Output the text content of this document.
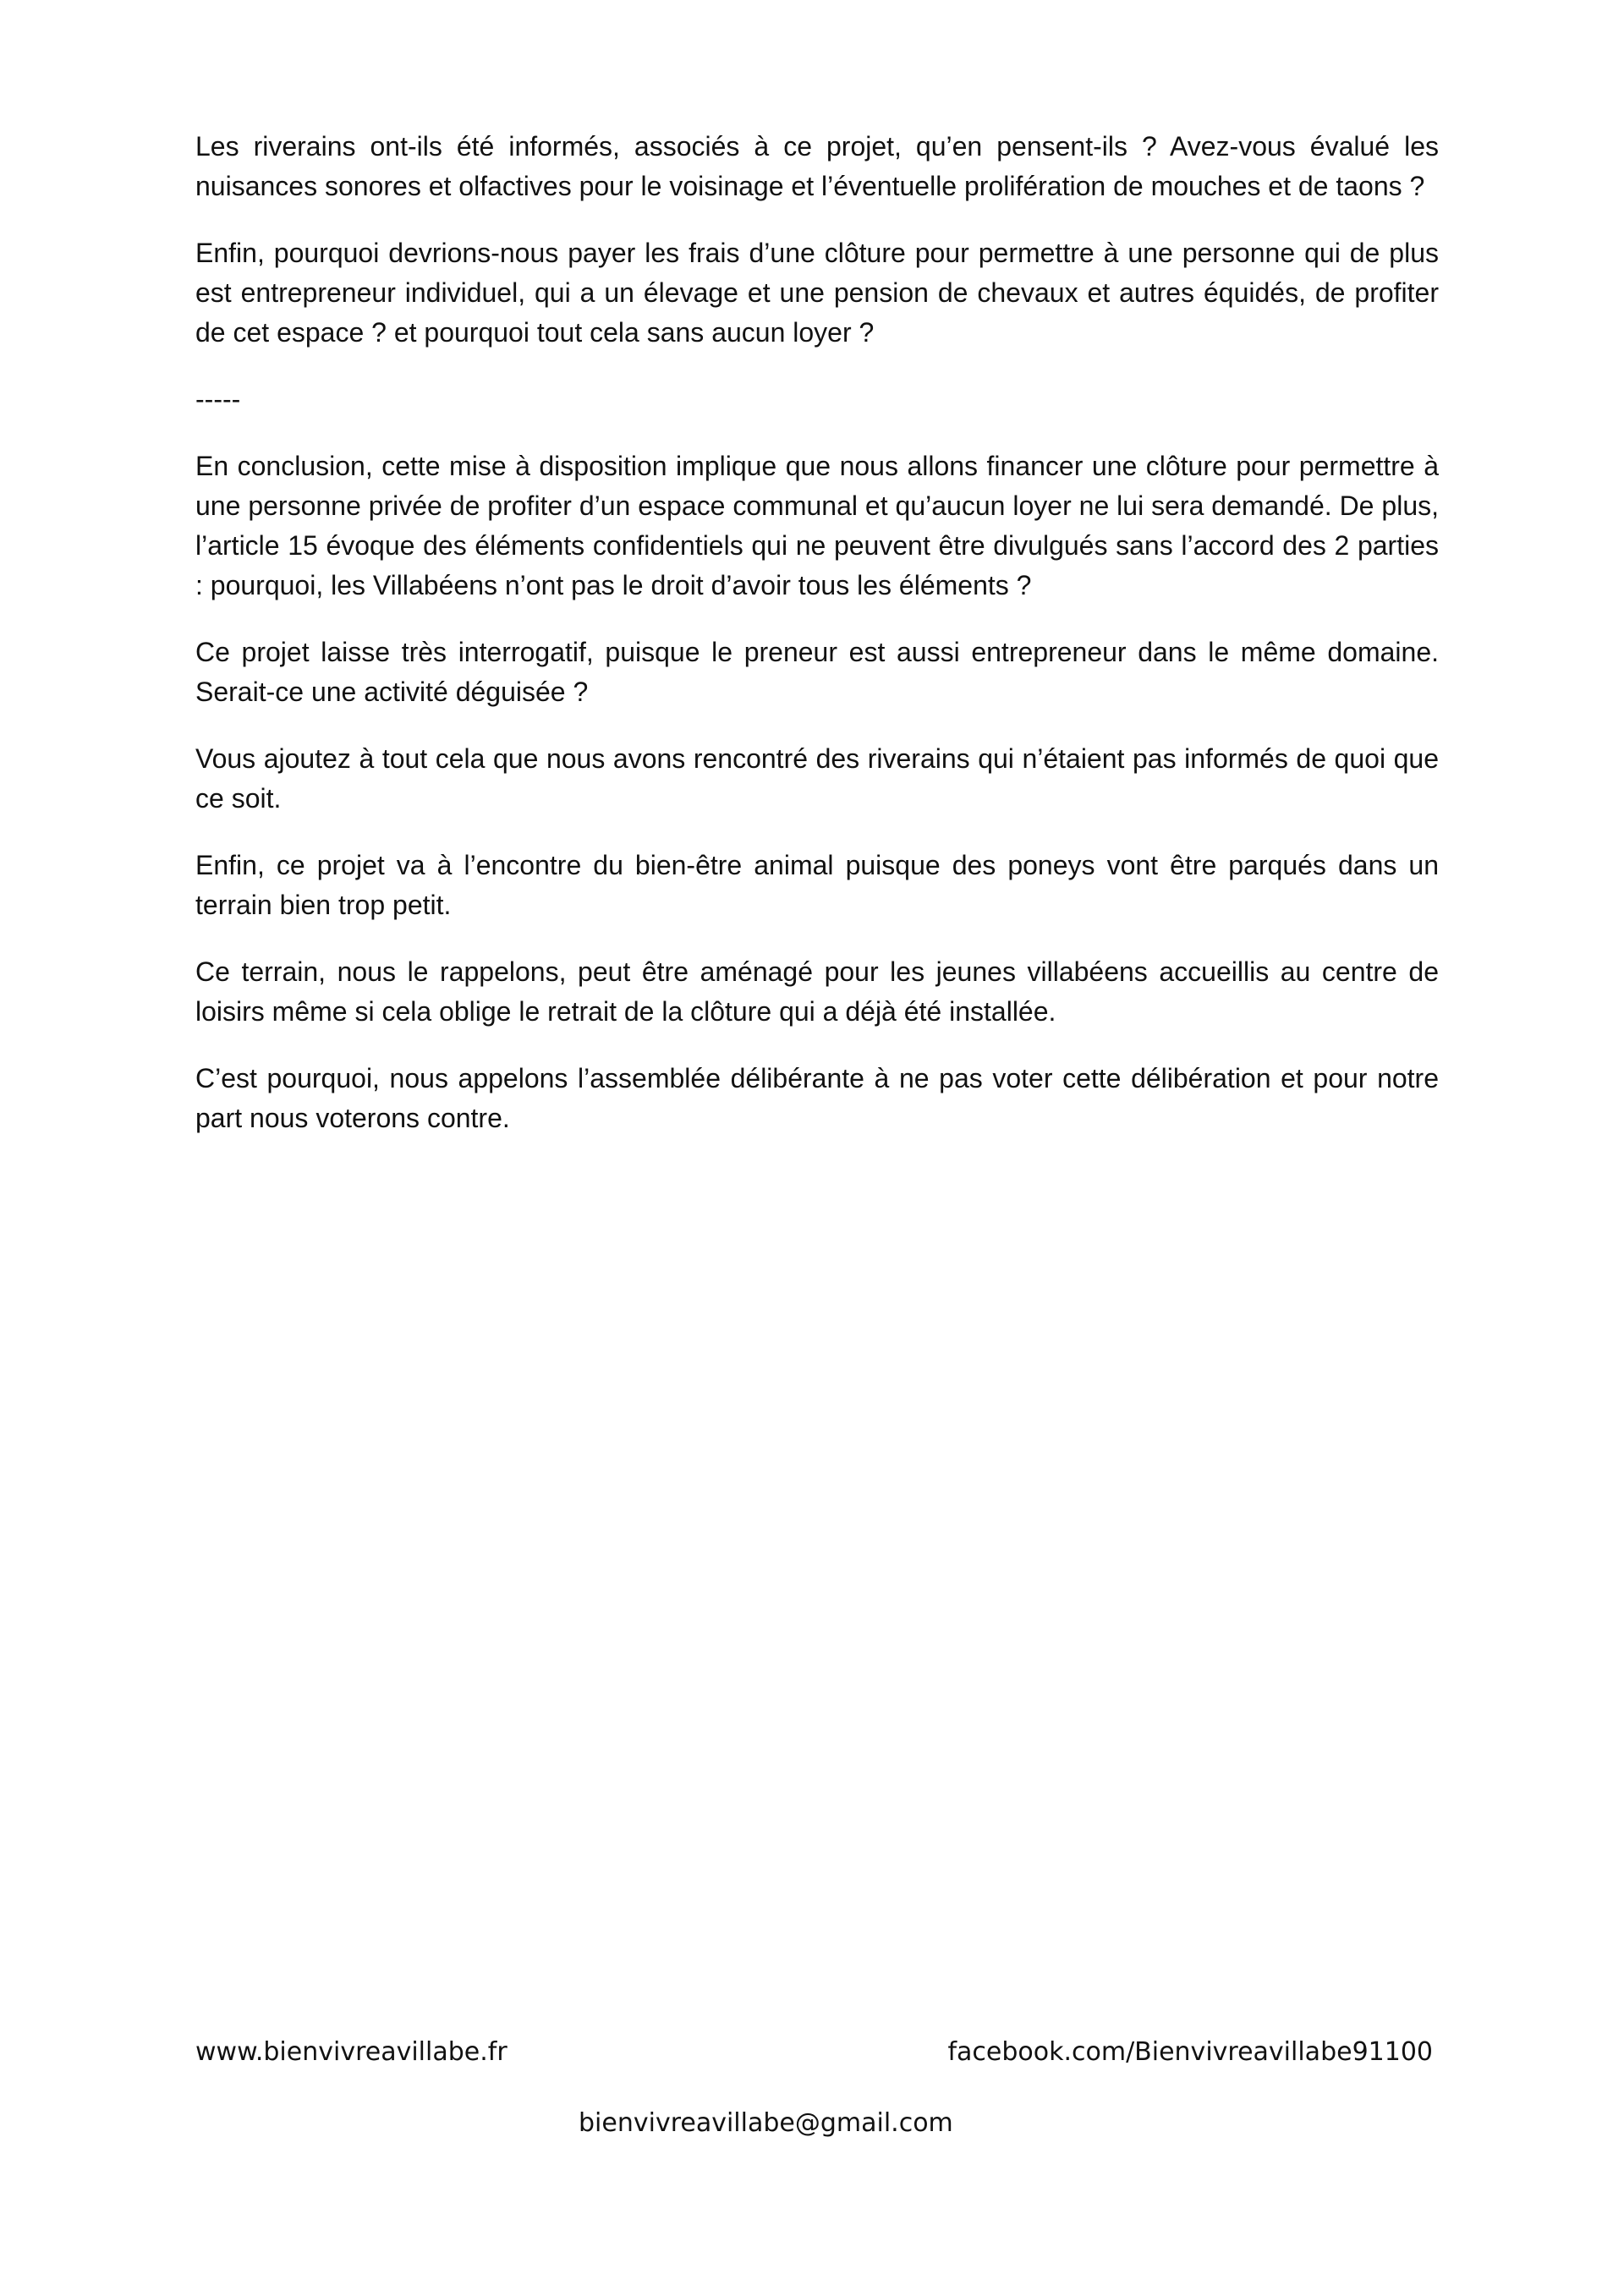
Les riverains ont-ils été informés, associés à ce projet, qu’en pensent-ils ? Avez-vous évalué les nuisances sonores et olfactives pour le voisinage et l’éventuelle prolifération de mouches et de taons ?

Enfin, pourquoi devrions-nous payer les frais d’une clôture pour permettre à une personne qui de plus est entrepreneur individuel, qui a un élevage et une pension de chevaux et autres équidés, de profiter de cet espace ? et pourquoi tout cela sans aucun loyer ?

-----

En conclusion, cette mise à disposition implique que nous allons financer une clôture pour permettre à une personne privée de profiter d’un espace communal et qu’aucun loyer ne lui sera demandé. De plus, l’article 15 évoque des éléments confidentiels qui ne peuvent être divulgués sans l’accord des 2 parties : pourquoi, les Villabéens n’ont pas le droit d’avoir tous les éléments ?

Ce projet laisse très interrogatif, puisque le preneur est aussi entrepreneur dans le même domaine. Serait-ce une activité déguisée ?

Vous ajoutez à tout cela que nous avons rencontré des riverains qui n’étaient pas informés de quoi que ce soit.

Enfin, ce projet va à l’encontre du bien-être animal puisque des poneys vont être parqués dans un terrain bien trop petit.

Ce terrain, nous le rappelons, peut être aménagé pour les jeunes villabéens accueillis au centre de loisirs même si cela oblige le retrait de la clôture qui a déjà été installée.

C’est pourquoi, nous appelons l’assemblée délibérante à ne pas voter cette délibération et pour notre part nous voterons contre.

www.bienvivreavillabe.fr	facebook.com/Bienvivreavillabe91100
bienvivreavillabe@gmail.com
